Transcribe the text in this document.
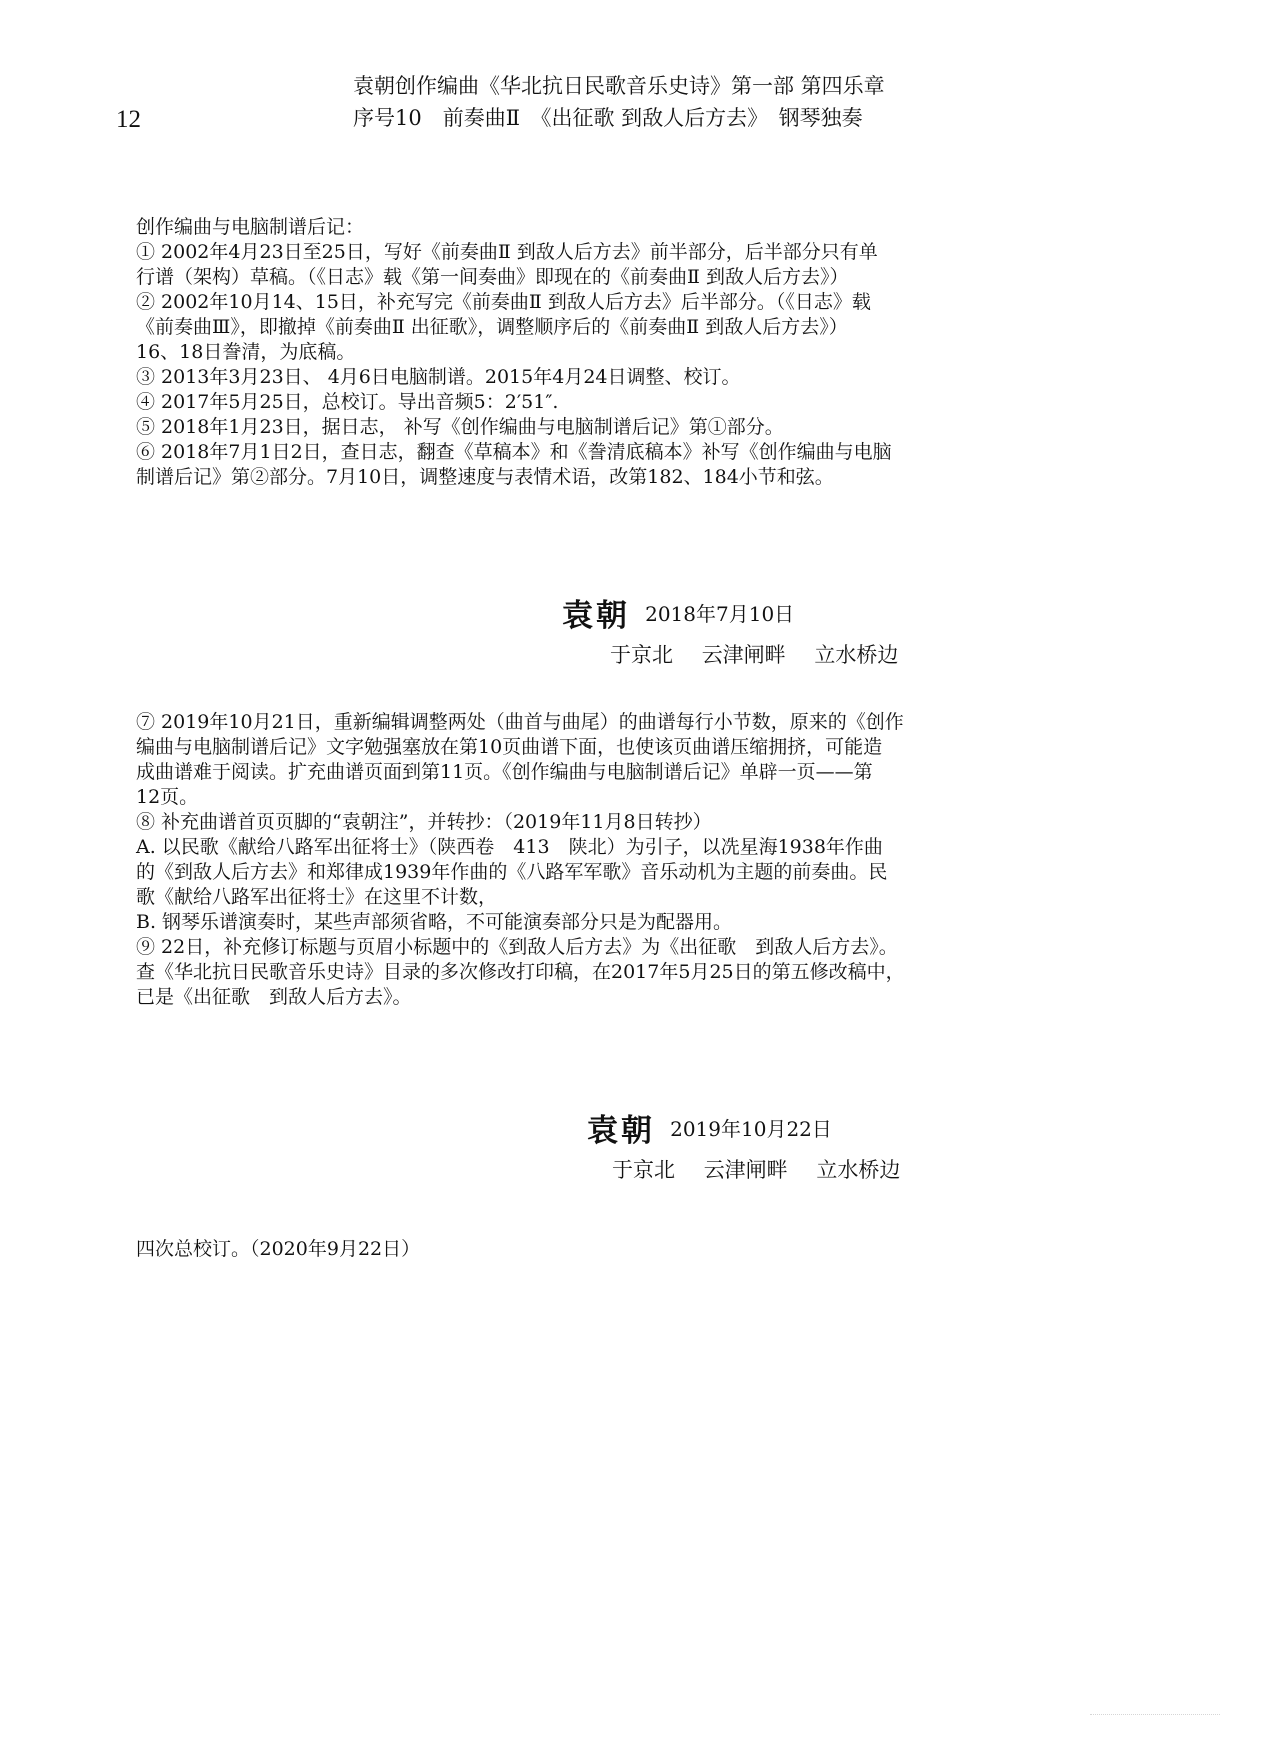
12
袁朝创作编曲《华北抗日民歌音乐史诗》第一部 第四乐章
序号10　前奏曲Ⅱ　《出征歌 到敌人后方去》　钢琴独奏
创作编曲与电脑制谱后记：
① 2002年4月23日至25日，写好《前奏曲Ⅱ 到敌人后方去》前半部分，后半部分只有单
行谱（架构）草稿。（《日志》载《第一间奏曲》即现在的《前奏曲Ⅱ 到敌人后方去》）
② 2002年10月14、15日，补充写完《前奏曲Ⅱ 到敌人后方去》后半部分。（《日志》载
《前奏曲Ⅲ》，即撤掉《前奏曲Ⅱ 出征歌》，调整顺序后的《前奏曲Ⅱ 到敌人后方去》）
16、18日誊清，为底稿。
③ 2013年3月23日、 4月6日电脑制谱。2015年4月24日调整、校订。
④ 2017年5月25日，总校订。导出音频5：2′51″.
⑤ 2018年1月23日，据日志， 补写《创作编曲与电脑制谱后记》第①部分。
⑥ 2018年7月1日2日，查日志，翻查《草稿本》和《誊清底稿本》补写《创作编曲与电脑
制谱后记》第②部分。7月10日，调整速度与表情术语，改第182、184小节和弦。
袁朝 2018年7月10日
于京北 云津闸畔 立水桥边
⑦ 2019年10月21日，重新编辑调整两处（曲首与曲尾）的曲谱每行小节数，原来的《创作
编曲与电脑制谱后记》文字勉强塞放在第10页曲谱下面，也使该页曲谱压缩拥挤，可能造
成曲谱难于阅读。扩充曲谱页面到第11页。《创作编曲与电脑制谱后记》单辟一页——第
12页。
⑧ 补充曲谱首页页脚的“袁朝注”，并转抄：（2019年11月8日转抄）
A. 以民歌《献给八路军出征将士》（陕西卷　413　陕北）为引子，以冼星海1938年作曲
的《到敌人后方去》和郑律成1939年作曲的《八路军军歌》音乐动机为主题的前奏曲。民
歌《献给八路军出征将士》在这里不计数，
B. 钢琴乐谱演奏时，某些声部须省略，不可能演奏部分只是为配器用。
⑨ 22日，补充修订标题与页眉小标题中的《到敌人后方去》为《出征歌　到敌人后方去》。
查《华北抗日民歌音乐史诗》目录的多次修改打印稿，在2017年5月25日的第五修改稿中，
已是《出征歌　到敌人后方去》。
袁朝 2019年10月22日
于京北 云津闸畔 立水桥边
四次总校订。（2020年9月22日）
